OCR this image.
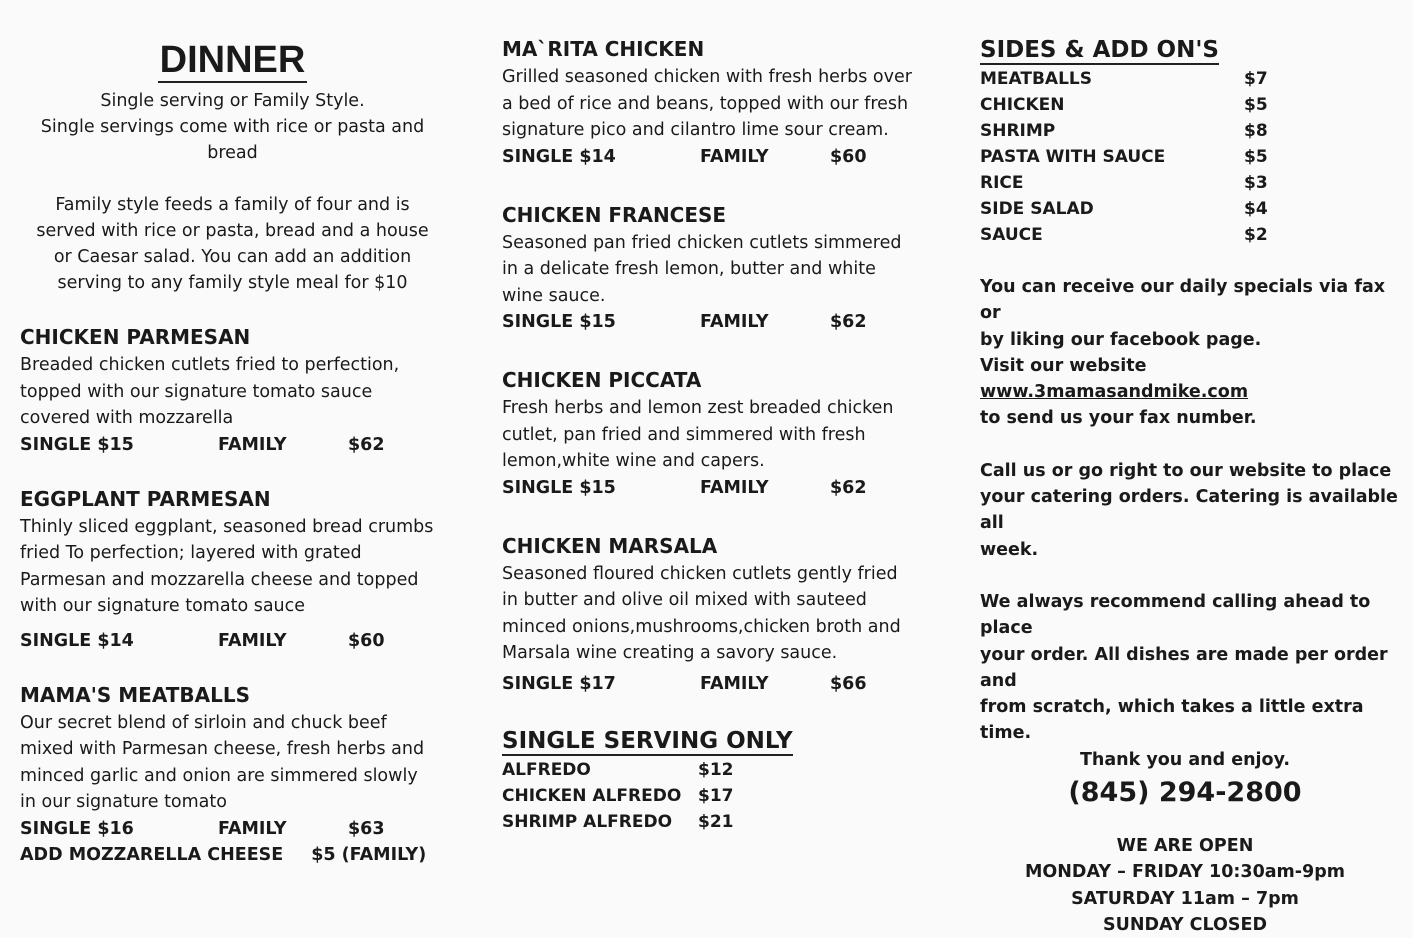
DINNER

Single serving or Family Style.

Single servings come with rice or pasta and

bread

Family style feeds a family of four and is

served with rice or pasta, bread and a house

or Caesar salad. You can add an addition

serving to any family style meal for $10

CHICKEN PARMESAN

Breaded chicken cutlets fried to perfection,

topped with our signature tomato sauce

covered with mozzarella

SINGLE $15	FAMILY	$62
EGGPLANT PARMESAN

Thinly sliced eggplant, seasoned bread crumbs

fried To perfection; layered with grated

Parmesan and mozzarella cheese and topped

with our signature tomato sauce

SINGLE $14	FAMILY	$60
MAMA'S MEATBALLS

Our secret blend of sirloin and chuck beef

mixed with Parmesan cheese, fresh herbs and

minced garlic and onion are simmered slowly

in our signature tomato

SINGLE $16	FAMILY	$63
ADD MOZZARELLA CHEESE $5 (FAMILY)
MA`RITA CHICKEN

Grilled seasoned chicken with fresh herbs over

a bed of rice and beans, topped with our fresh

signature pico and cilantro lime sour cream.

SINGLE $14	FAMILY	$60
CHICKEN FRANCESE

Seasoned pan fried chicken cutlets simmered

in a delicate fresh lemon, butter and white

wine sauce.

SINGLE $15	FAMILY	$62
CHICKEN PICCATA

Fresh herbs and lemon zest breaded chicken

cutlet, pan fried and simmered with fresh

lemon,white wine and capers.

SINGLE $15	FAMILY	$62
CHICKEN MARSALA

Seasoned floured chicken cutlets gently fried

in butter and olive oil mixed with sauteed

minced onions,mushrooms,chicken broth and

Marsala wine creating a savory sauce.

SINGLE $17	FAMILY	$66
SINGLE SERVING ONLY
ALFREDO	$12
CHICKEN ALFREDO $17
SHRIMP ALFREDO $21
SIDES & ADD ON'S
MEATBALLS	$7
CHICKEN	$5
SHRIMP	$8
PASTA WITH SAUCE	$5
RICE	$3
SIDE SALAD	$4
SAUCE	$2

You can receive our daily specials via fax or

by liking our facebook page.

Visit our website www.3mamasandmike.com

to send us your fax number.

Call us or go right to our website to place

your catering orders. Catering is available all

week.

We always recommend calling ahead to place

your order. All dishes are made per order and

from scratch, which takes a little extra time.

Thank you and enjoy.

(845) 294-2800

WE ARE OPEN

MONDAY – FRIDAY 10:30am-9pm

SATURDAY 11am – 7pm

SUNDAY CLOSED
